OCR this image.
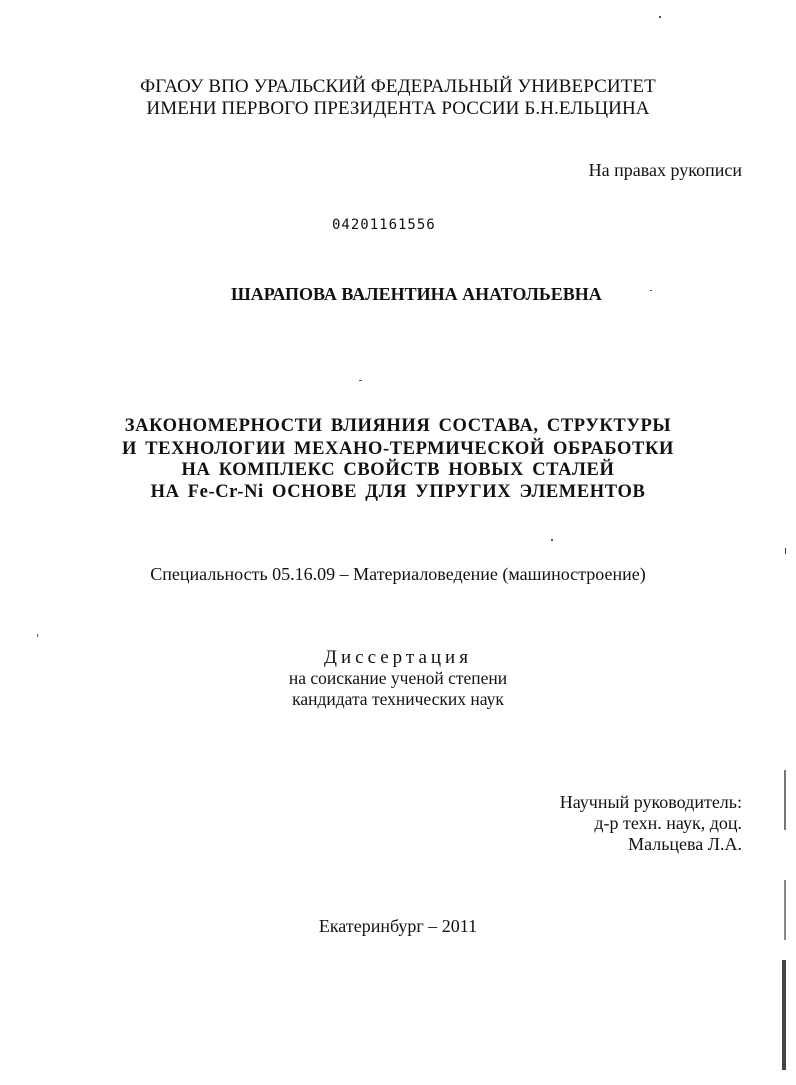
ФГАОУ ВПО УРАЛЬСКИЙ ФЕДЕРАЛЬНЫЙ УНИВЕРСИТЕТ
ИМЕНИ ПЕРВОГО ПРЕЗИДЕНТА РОССИИ Б.Н.ЕЛЬЦИНА
На правах рукописи
04201161556
ШАРАПОВА ВАЛЕНТИНА АНАТОЛЬЕВНА
ЗАКОНОМЕРНОСТИ ВЛИЯНИЯ СОСТАВА, СТРУКТУРЫ
И ТЕХНОЛОГИИ МЕХАНО-ТЕРМИЧЕСКОЙ ОБРАБОТКИ
НА КОМПЛЕКС СВОЙСТВ НОВЫХ СТАЛЕЙ
НА Fe-Cr-Ni ОСНОВЕ ДЛЯ УПРУГИХ ЭЛЕМЕНТОВ
Специальность 05.16.09 – Материаловедение (машиностроение)
Диссертация
на соискание ученой степени
кандидата технических наук
Научный руководитель:
д-р техн. наук, доц.
Мальцева Л.А.
Екатеринбург – 2011
